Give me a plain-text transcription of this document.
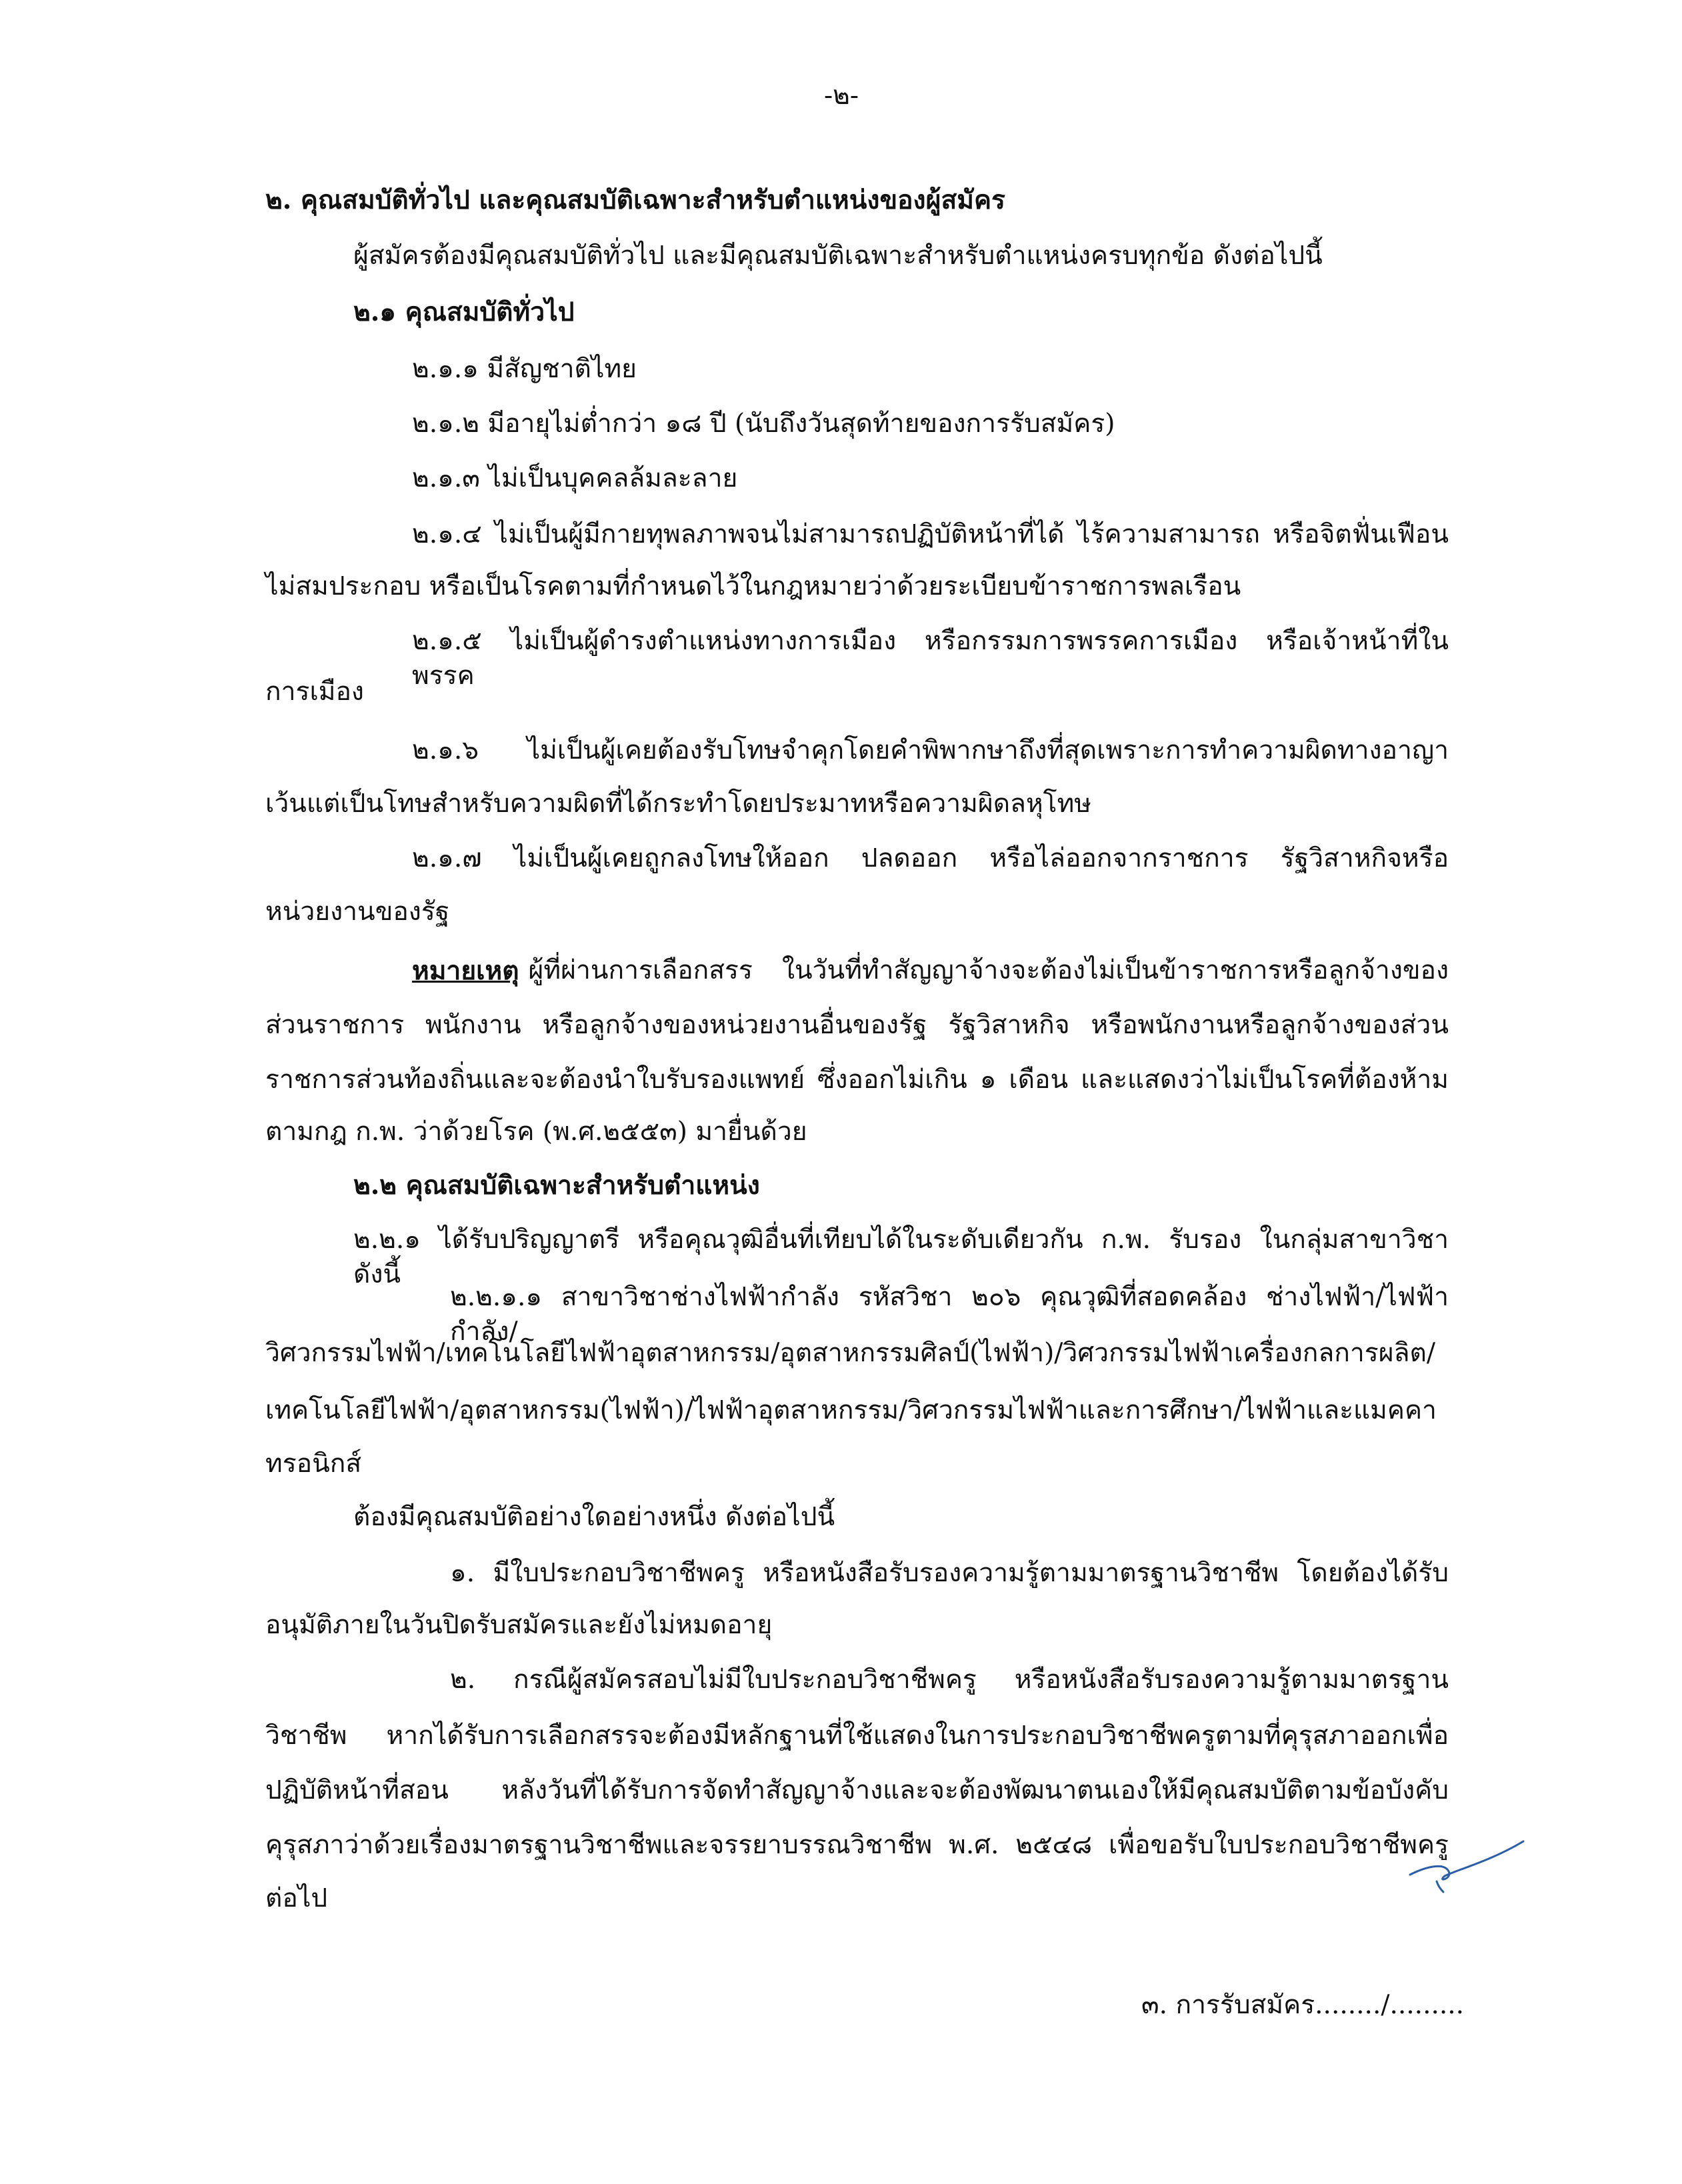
-๒-
๒. คุณสมบัติทั่วไป และคุณสมบัติเฉพาะสำหรับตำแหน่งของผู้สมัคร
ผู้สมัครต้องมีคุณสมบัติทั่วไป และมีคุณสมบัติเฉพาะสำหรับตำแหน่งครบทุกข้อ ดังต่อไปนี้
๒.๑ คุณสมบัติทั่วไป
๒.๑.๑ มีสัญชาติไทย
๒.๑.๒ มีอายุไม่ต่ำกว่า ๑๘ ปี (นับถึงวันสุดท้ายของการรับสมัคร)
๒.๑.๓ ไม่เป็นบุคคลล้มละลาย
๒.๑.๔ ไม่เป็นผู้มีกายทุพลภาพจนไม่สามารถปฏิบัติหน้าที่ได้ ไร้ความสามารถ หรือจิตฟั่นเฟือน
ไม่สมประกอบ หรือเป็นโรคตามที่กำหนดไว้ในกฎหมายว่าด้วยระเบียบข้าราชการพลเรือน
๒.๑.๕ ไม่เป็นผู้ดำรงตำแหน่งทางการเมือง หรือกรรมการพรรคการเมือง หรือเจ้าหน้าที่ในพรรค
การเมือง
๒.๑.๖ ไม่เป็นผู้เคยต้องรับโทษจำคุกโดยคำพิพากษาถึงที่สุดเพราะการทำความผิดทางอาญา
เว้นแต่เป็นโทษสำหรับความผิดที่ได้กระทำโดยประมาทหรือความผิดลหุโทษ
๒.๑.๗ ไม่เป็นผู้เคยถูกลงโทษให้ออก ปลดออก หรือไล่ออกจากราชการ รัฐวิสาหกิจหรือ
หน่วยงานของรัฐ
หมายเหตุ ผู้ที่ผ่านการเลือกสรร ในวันที่ทำสัญญาจ้างจะต้องไม่เป็นข้าราชการหรือลูกจ้างของ
ส่วนราชการ พนักงาน หรือลูกจ้างของหน่วยงานอื่นของรัฐ รัฐวิสาหกิจ หรือพนักงานหรือลูกจ้างของส่วน
ราชการส่วนท้องถิ่นและจะต้องนำใบรับรองแพทย์ ซึ่งออกไม่เกิน ๑ เดือน และแสดงว่าไม่เป็นโรคที่ต้องห้าม
ตามกฎ ก.พ. ว่าด้วยโรค (พ.ศ.๒๕๕๓) มายื่นด้วย
๒.๒ คุณสมบัติเฉพาะสำหรับตำแหน่ง
๒.๒.๑ ได้รับปริญญาตรี หรือคุณวุฒิอื่นที่เทียบได้ในระดับเดียวกัน ก.พ. รับรอง ในกลุ่มสาขาวิชา ดังนี้
๒.๒.๑.๑ สาขาวิชาช่างไฟฟ้ากำลัง รหัสวิชา ๒๐๖ คุณวุฒิที่สอดคล้อง ช่างไฟฟ้า/ไฟฟ้ากำลัง/
วิศวกรรมไฟฟ้า/เทคโนโลยีไฟฟ้าอุตสาหกรรม/อุตสาหกรรมศิลป์(ไฟฟ้า)/วิศวกรรมไฟฟ้าเครื่องกลการผลิต/
เทคโนโลยีไฟฟ้า/อุตสาหกรรม(ไฟฟ้า)/ไฟฟ้าอุตสาหกรรม/วิศวกรรมไฟฟ้าและการศึกษา/ไฟฟ้าและแมคคา
ทรอนิกส์
ต้องมีคุณสมบัติอย่างใดอย่างหนึ่ง ดังต่อไปนี้
๑. มีใบประกอบวิชาชีพครู หรือหนังสือรับรองความรู้ตามมาตรฐานวิชาชีพ โดยต้องได้รับ
อนุมัติภายในวันปิดรับสมัครและยังไม่หมดอายุ
๒. กรณีผู้สมัครสอบไม่มีใบประกอบวิชาชีพครู หรือหนังสือรับรองความรู้ตามมาตรฐาน
วิชาชีพ หากได้รับการเลือกสรรจะต้องมีหลักฐานที่ใช้แสดงในการประกอบวิชาชีพครูตามที่คุรุสภาออกเพื่อ
ปฏิบัติหน้าที่สอน หลังวันที่ได้รับการจัดทำสัญญาจ้างและจะต้องพัฒนาตนเองให้มีคุณสมบัติตามข้อบังคับ
คุรุสภาว่าด้วยเรื่องมาตรฐานวิชาชีพและจรรยาบรรณวิชาชีพ พ.ศ. ๒๕๔๘ เพื่อขอรับใบประกอบวิชาชีพครู
ต่อไป
๓. การรับสมัคร......../.........
